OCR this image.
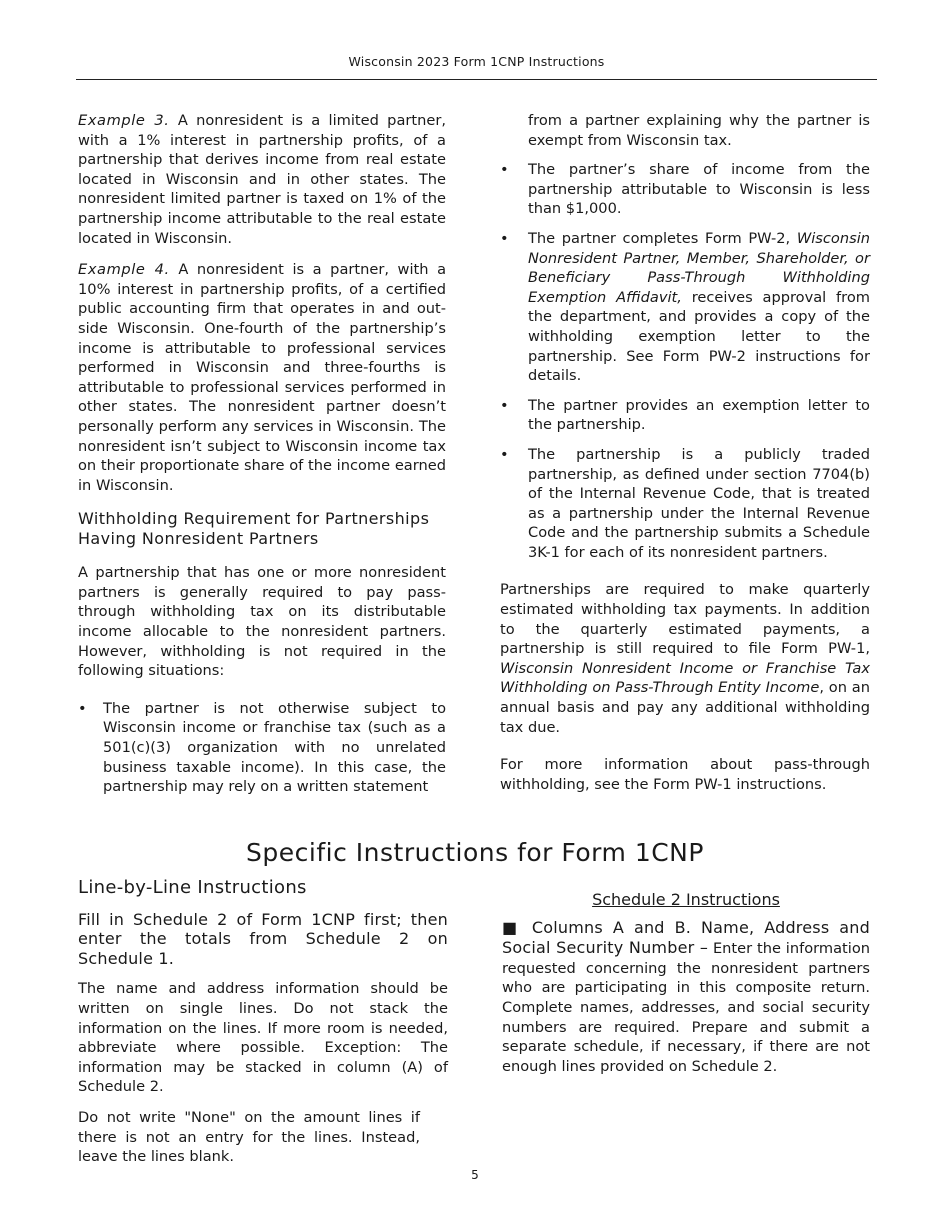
Wisconsin 2023 Form 1CNP Instructions

Example 3. A nonresident is a limited partner, with a 1% interest in partnership profits, of a partnership that derives income from real estate located in Wisconsin and in other states. The nonresident limited partner is taxed on 1% of the partnership income attributable to the real estate located in Wisconsin.

Example 4. A nonresident is a partner, with a 10% interest in partnership profits, of a certified public accounting firm that operates in and out-side Wisconsin. One-fourth of the partnership’s income is attributable to professional services performed in Wisconsin and three-fourths is attributable to professional services performed in other states. The nonresident partner doesn’t personally perform any services in Wisconsin. The nonresident isn’t subject to Wisconsin income tax on their proportionate share of the income earned in Wisconsin.

Withholding Requirement for Partnerships Having Nonresident Partners

A partnership that has one or more nonresident partners is generally required to pay pass-through withholding tax on its distributable income allocable to the nonresident partners. However, withholding is not required in the following situations:

• The partner is not otherwise subject to Wisconsin income or franchise tax (such as a 501(c)(3) organization with no unrelated business taxable income). In this case, the partnership may rely on a written statement

from a partner explaining why the partner is exempt from Wisconsin tax.

• The partner’s share of income from the partnership attributable to Wisconsin is less than $1,000.
• The partner completes Form PW-2, Wisconsin Nonresident Partner, Member, Shareholder, or Beneficiary Pass-Through Withholding Exemption Affidavit, receives approval from the department, and provides a copy of the withholding exemption letter to the partnership. See Form PW-2 instructions for details.
• The partner provides an exemption letter to the partnership.
• The partnership is a publicly traded partnership, as defined under section 7704(b) of the Internal Revenue Code, that is treated as a partnership under the Internal Revenue Code and the partnership submits a Schedule 3K-1 for each of its nonresident partners.

Partnerships are required to make quarterly estimated withholding tax payments. In addition to the quarterly estimated payments, a partnership is still required to file Form PW-1, Wisconsin Nonresident Income or Franchise Tax Withholding on Pass-Through Entity Income, on an annual basis and pay any additional withholding tax due.

For more information about pass-through withholding, see the Form PW-1 instructions.

Specific Instructions for Form 1CNP

Line-by-Line Instructions

Fill in Schedule 2 of Form 1CNP first; then enter the totals from Schedule 2 on Schedule 1.

The name and address information should be written on single lines. Do not stack the information on the lines. If more room is needed, abbreviate where possible. Exception: The information may be stacked in column (A) of Schedule 2.

Do not write "None" on the amount lines if there is not an entry for the lines. Instead, leave the lines blank.

Schedule 2 Instructions

■ Columns A and B. Name, Address and Social Security Number – Enter the information requested concerning the nonresident partners who are participating in this composite return. Complete names, addresses, and social security numbers are required. Prepare and submit a separate schedule, if necessary, if there are not enough lines provided on Schedule 2.

5
